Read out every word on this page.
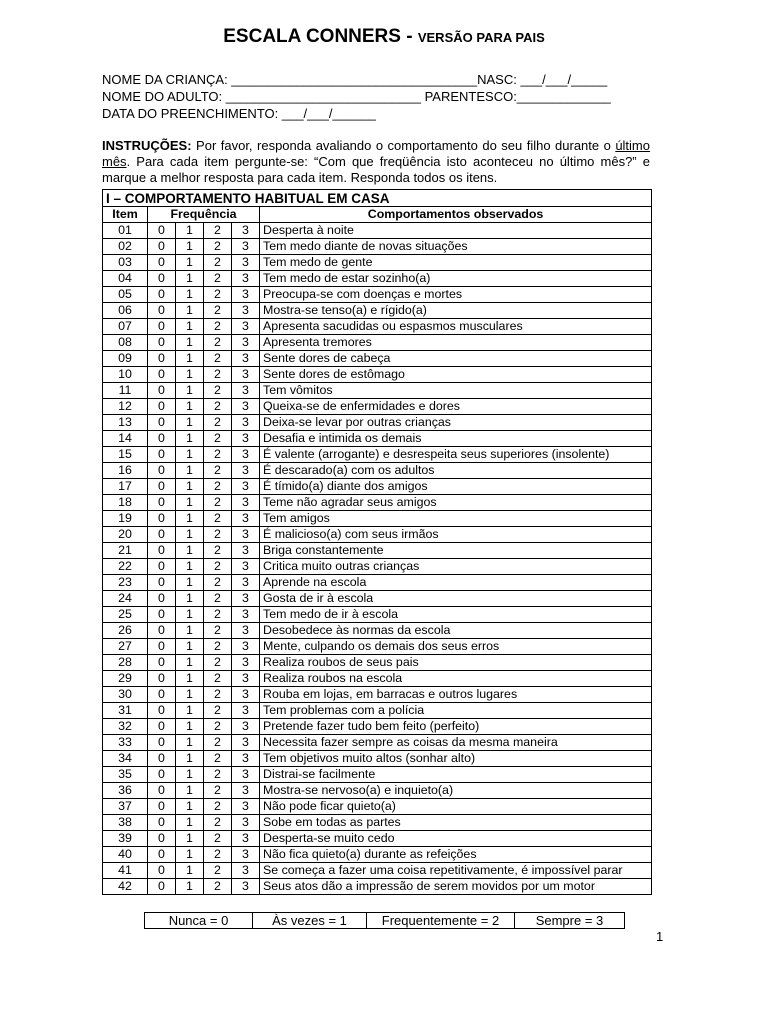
ESCALA CONNERS - VERSÃO PARA PAIS
NOME DA CRIANÇA: __________________________________NASC: ___/___/_____
NOME DO ADULTO: ___________________________ PARENTESCO:_____________
DATA DO PREENCHIMENTO: ___/___/______
INSTRUÇÕES: Por favor, responda avaliando o comportamento do seu filho durante o último mês. Para cada item pergunte-se: “Com que freqüência isto aconteceu no último mês?” e marque a melhor resposta para cada item. Responda todos os itens.
I – COMPORTAMENTO HABITUAL EM CASA					
Item	Frequência				Comportamentos observados
01	0	1	2	3	Desperta à noite
02	0	1	2	3	Tem medo diante de novas situações
03	0	1	2	3	Tem medo de gente
04	0	1	2	3	Tem medo de estar sozinho(a)
05	0	1	2	3	Preocupa-se com doenças e mortes
06	0	1	2	3	Mostra-se tenso(a) e rígido(a)
07	0	1	2	3	Apresenta sacudidas ou espasmos musculares
08	0	1	2	3	Apresenta tremores
09	0	1	2	3	Sente dores de cabeça
10	0	1	2	3	Sente dores de estômago
11	0	1	2	3	Tem vômitos
12	0	1	2	3	Queixa-se de enfermidades e dores
13	0	1	2	3	Deixa-se levar por outras crianças
14	0	1	2	3	Desafia e intimida os demais
15	0	1	2	3	É valente (arrogante) e desrespeita seus superiores (insolente)
16	0	1	2	3	É descarado(a) com os adultos
17	0	1	2	3	É tímido(a) diante dos amigos
18	0	1	2	3	Teme não agradar seus amigos
19	0	1	2	3	Tem amigos
20	0	1	2	3	É malicioso(a) com seus irmãos
21	0	1	2	3	Briga constantemente
22	0	1	2	3	Critica muito outras crianças
23	0	1	2	3	Aprende na escola
24	0	1	2	3	Gosta de ir à escola
25	0	1	2	3	Tem medo de ir à escola
26	0	1	2	3	Desobedece às normas da escola
27	0	1	2	3	Mente, culpando os demais dos seus erros
28	0	1	2	3	Realiza roubos de seus pais
29	0	1	2	3	Realiza roubos na escola
30	0	1	2	3	Rouba em lojas, em barracas e outros lugares
31	0	1	2	3	Tem problemas com a polícia
32	0	1	2	3	Pretende fazer tudo bem feito (perfeito)
33	0	1	2	3	Necessita fazer sempre as coisas da mesma maneira
34	0	1	2	3	Tem objetivos muito altos (sonhar alto)
35	0	1	2	3	Distrai-se facilmente
36	0	1	2	3	Mostra-se nervoso(a) e inquieto(a)
37	0	1	2	3	Não pode ficar quieto(a)
38	0	1	2	3	Sobe em todas as partes
39	0	1	2	3	Desperta-se muito cedo
40	0	1	2	3	Não fica quieto(a) durante as refeições
41	0	1	2	3	Se começa a fazer uma coisa repetitivamente, é impossível parar
42	0	1	2	3	Seus atos dão a impressão de serem movidos por um motor
Nunca = 0	Às vezes = 1	Frequentemente = 2	Sempre = 3
1
